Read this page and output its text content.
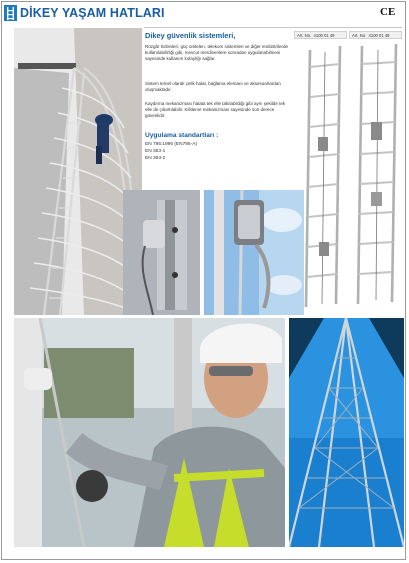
DİKEY YAŞAM HATLARI	CE
Dikey güvenlik sistemleri,
Rüzgâr türbinleri, güç ünitelerı, telekom sistemleri ve diğer endüstrilerde kullanılabilirliği gibi, mevcut merdivenlere sonradan uygulanabilmesi sayesinde kullanım kolaylığı sağlar.
Sistem temel olarak çelik halat, bağlama elemanı ve aksesuarlardan oluşmaktadır.
Kaydırma mekanizması halata tek elle takılabildiği gibi aynı şekilde tek elle de çıkartılabilir. Kilitleme mekanizması sayesinde son derece güvenlidir.
Uygulama standartları :
EN 795:1996 (EN795-A)
EN 353-1
EN 353-2
Art. No. 4100 01 49	Art. No. 4100 01 48
